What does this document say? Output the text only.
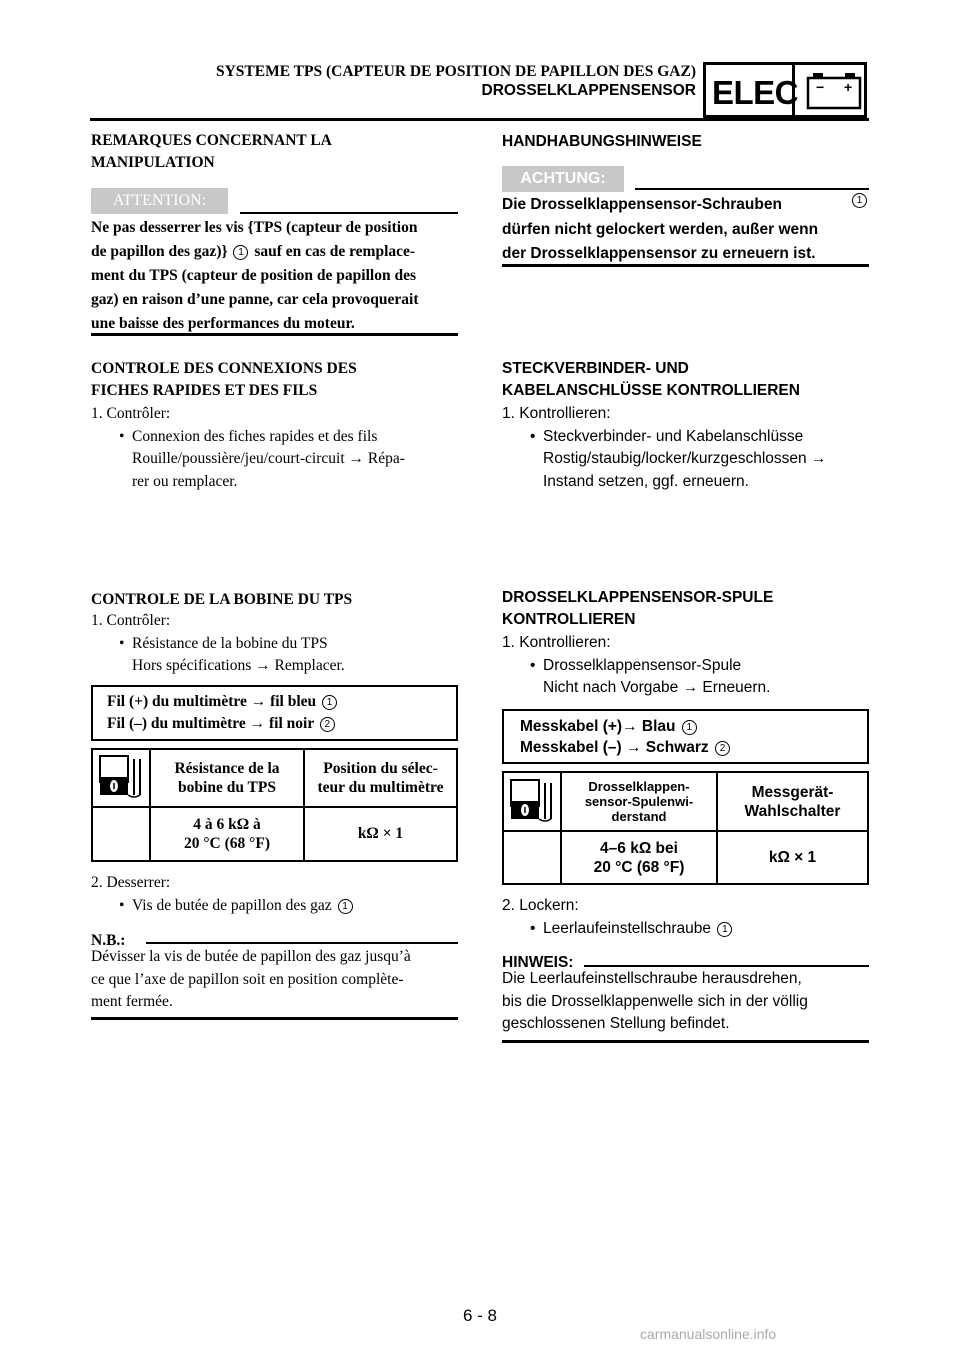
SYSTEME TPS (CAPTEUR DE POSITION DE PAPILLON DES GAZ)
DROSSELKLAPPENSENSOR ELEC − +
REMARQUES CONCERNANT LA
MANIPULATION
ATTENTION:
Ne pas desserrer les vis {TPS (capteur de position
de papillon des gaz)} 1 sauf en cas de remplace-
ment du TPS (capteur de position de papillon des
gaz) en raison d’une panne, car cela provoquerait
une baisse des performances du moteur.
CONTROLE DES CONNEXIONS DES
FICHES RAPIDES ET DES FILS
1. Contrôler:
• Connexion des fiches rapides et des fils
Rouille/poussière/jeu/court-circuit → Répa-
rer ou remplacer.
CONTROLE DE LA BOBINE DU TPS
1. Contrôler:
• Résistance de la bobine du TPS
Hors spécifications → Remplacer.
Fil (+) du multimètre → fil bleu 1
Fil (–) du multimètre → fil noir 2
Résistance de la
bobine du TPS
Position du sélec-
teur du multimètre
4 à 6 kΩ à
20 °C (68 °F)
kΩ × 1
2. Desserrer:
• Vis de butée de papillon des gaz 1
N.B.:
Dévisser la vis de butée de papillon des gaz jusqu’à
ce que l’axe de papillon soit en position complète-
ment fermée.
HANDHABUNGSHINWEISE
ACHTUNG:
Die Drosselklappensensor-Schrauben	1
dürfen nicht gelockert werden, außer wenn
der Drosselklappensensor zu erneuern ist.
STECKVERBINDER- UND
KABELANSCHLÜSSE KONTROLLIEREN
1. Kontrollieren:
• Steckverbinder- und Kabelanschlüsse
Rostig/staubig/locker/kurzgeschlossen →
Instand setzen, ggf. erneuern.
DROSSELKLAPPENSENSOR-SPULE
KONTROLLIEREN
1. Kontrollieren:
• Drosselklappensensor-Spule
Nicht nach Vorgabe → Erneuern.
Messkabel (+)→ Blau 1
Messkabel (–) → Schwarz 2
Drosselklappen-
sensor-Spulenwi-
derstand
Messgerät-
Wahlschalter
4–6 kΩ bei
20 °C (68 °F)
kΩ × 1
2. Lockern:
• Leerlaufeinstellschraube 1
HINWEIS:
Die Leerlaufeinstellschraube herausdrehen,
bis die Drosselklappenwelle sich in der völlig
geschlossenen Stellung befindet.
6 - 8
carmanualsonline.info
